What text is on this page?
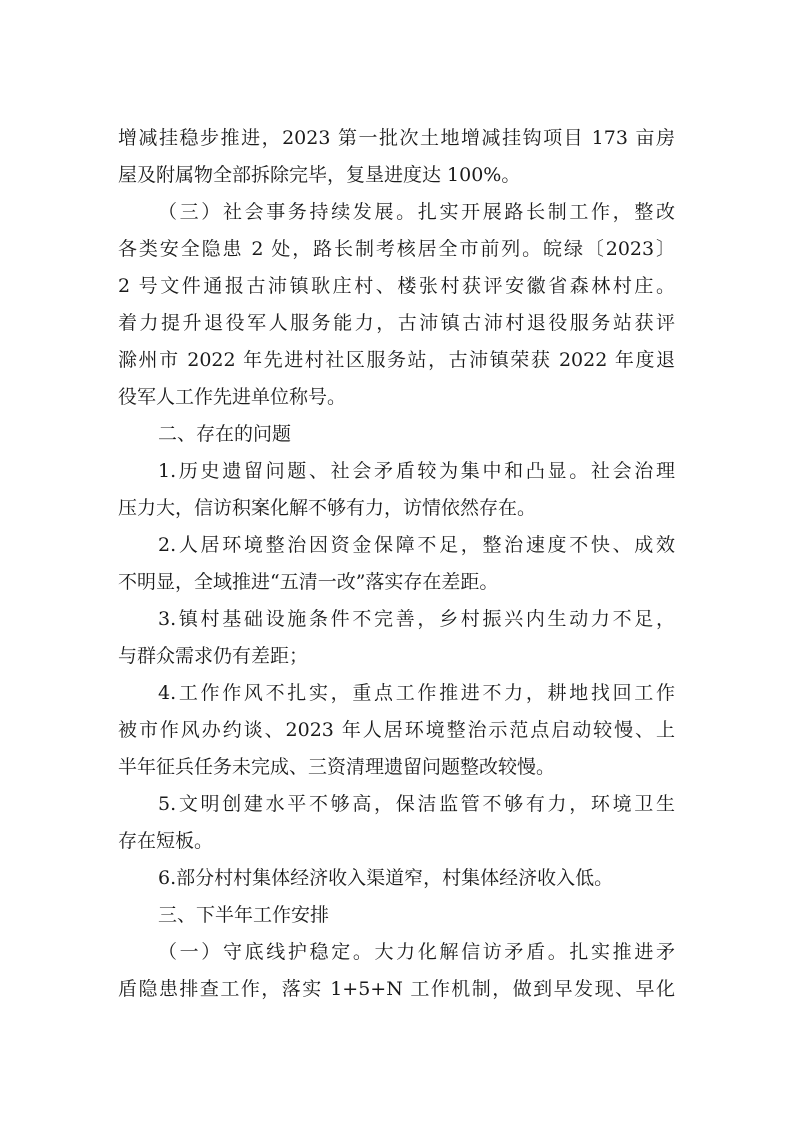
增减挂稳步推进，2023 第一批次土地增减挂钩项目 173 亩房
屋及附属物全部拆除完毕，复垦进度达 100%。
（三）社会事务持续发展。扎实开展路长制工作，整改
各类安全隐患 2 处，路长制考核居全市前列。皖绿〔2023〕
2 号文件通报古沛镇耿庄村、楼张村获评安徽省森林村庄。
着力提升退役军人服务能力，古沛镇古沛村退役服务站获评
滁州市 2022 年先进村社区服务站，古沛镇荣获 2022 年度退
役军人工作先进单位称号。
二、存在的问题
1.历史遗留问题、社会矛盾较为集中和凸显。社会治理
压力大，信访积案化解不够有力，访情依然存在。
2.人居环境整治因资金保障不足，整治速度不快、成效
不明显，全域推进“五清一改”落实存在差距。
3.镇村基础设施条件不完善，乡村振兴内生动力不足，
与群众需求仍有差距；
4.工作作风不扎实，重点工作推进不力，耕地找回工作
被市作风办约谈、2023 年人居环境整治示范点启动较慢、上
半年征兵任务未完成、三资清理遗留问题整改较慢。
5.文明创建水平不够高，保洁监管不够有力，环境卫生
存在短板。
6.部分村村集体经济收入渠道窄，村集体经济收入低。
三、下半年工作安排
（一）守底线护稳定。大力化解信访矛盾。扎实推进矛
盾隐患排查工作，落实 1+5+N 工作机制，做到早发现、早化
